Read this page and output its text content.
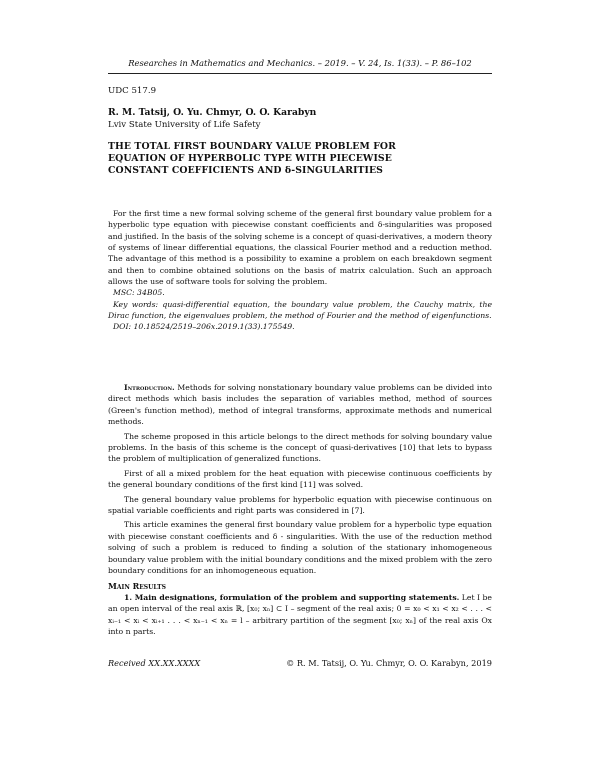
Researches in Mathematics and Mechanics. – 2019. – V. 24, Is. 1(33). – P. 86–102
UDC 517.9
R. M. Tatsij, O. Yu. Chmyr, O. O. Karabyn
Lviv State University of Life Safety
THE TOTAL FIRST BOUNDARY VALUE PROBLEM FOR
EQUATION OF HYPERBOLIC TYPE WITH PIECEWISE
CONSTANT COEFFICIENTS AND δ-SINGULARITIES

For the first time a new formal solving scheme of the general first boundary value problem for a hyperbolic type equation with piecewise constant coefficients and δ-singularities was proposed and justified. In the basis of the solving scheme is a concept of quasi-derivatives, a modern theory of systems of linear differential equations, the classical Fourier method and a reduction method. The advantage of this method is a possibility to examine a problem on each breakdown segment and then to combine obtained solutions on the basis of matrix calculation. Such an approach allows the use of software tools for solving the problem.

MSC: 34B05.

Key words: quasi-differential equation, the boundary value problem, the Cauchy matrix, the Dirac function, the eigenvalues problem, the method of Fourier and the method of eigenfunctions.

DOI: 10.18524/2519–206x.2019.1(33).175549.

Introduction. Methods for solving nonstationary boundary value problems can be divided into direct methods which basis includes the separation of variables method, method of sources (Green's function method), method of integral transforms, approximate methods and numerical methods.

The scheme proposed in this article belongs to the direct methods for solving boundary value problems. In the basis of this scheme is the concept of quasi-derivatives [10] that lets to bypass the problem of multiplication of generalized functions.

First of all a mixed problem for the heat equation with piecewise continuous coefficients by the general boundary conditions of the first kind [11] was solved.

The general boundary value problems for hyperbolic equation with piecewise continuous on spatial variable coefficients and right parts was considered in [7].

This article examines the general first boundary value problem for a hyperbolic type equation with piecewise constant coefficients and δ - singularities. With the use of the reduction method solving of such a problem is reduced to finding a solution of the stationary inhomogeneous boundary value problem with the initial boundary conditions and the mixed problem with the zero boundary conditions for an inhomogeneous equation.

Main Results

1. Main designations, formulation of the problem and supporting statements. Let I be an open interval of the real axis ℝ, [x₀; xₙ] ⊂ I – segment of the real axis; 0 = x₀ < x₁ < x₂ < . . . < xᵢ₋₁ < xᵢ < xᵢ₊₁ . . . < xₙ₋₁ < xₙ = l – arbitrary partition of the segment [x₀; xₙ] of the real axis Ox into n parts.

Received XX.XX.XXXX	© R. M. Tatsij, O. Yu. Chmyr, O. O. Karabyn, 2019
